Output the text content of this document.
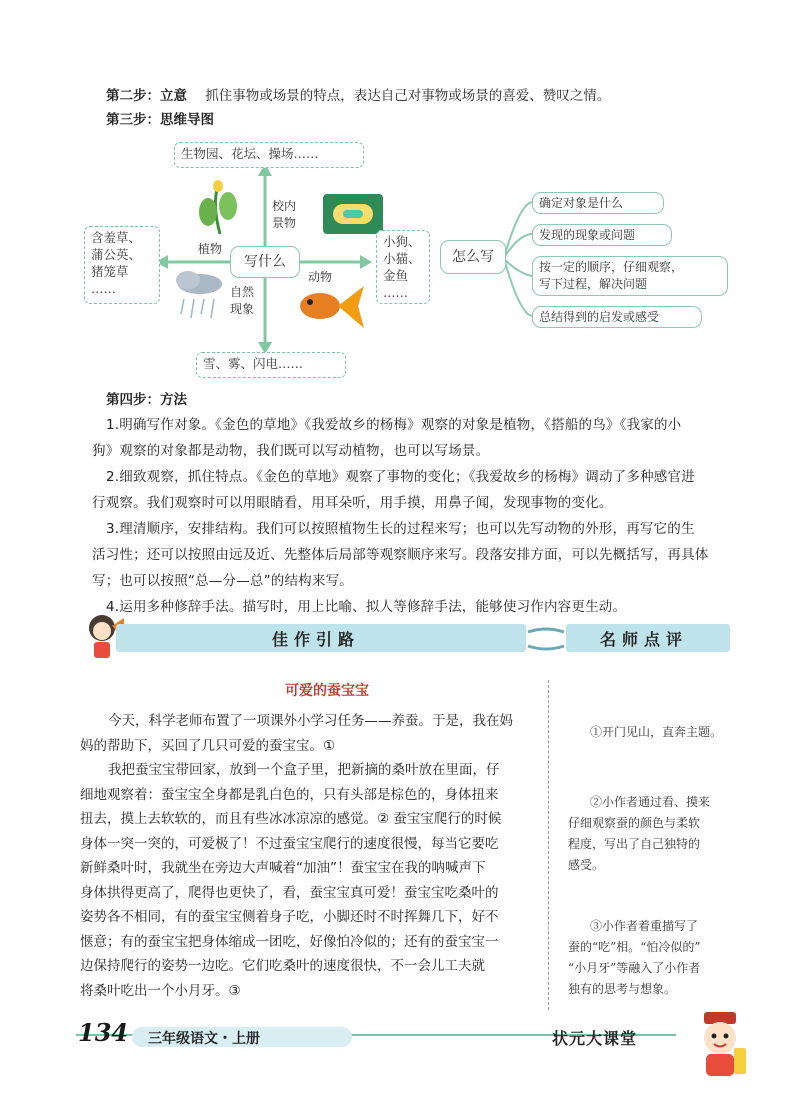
第二步：立意 抓住事物或场景的特点，表达自己对事物或场景的喜爱、赞叹之情。
第三步：思维导图
生物园、花坛、操场……
含羞草、
蒲公英、
猪笼草
……
小狗、
小猫、
金鱼
……
雪、雾、闪电……
写什么
校内
景物
植物
动物
自然
现象
怎么写
确定对象是什么
发现的现象或问题
按一定的顺序，仔细观察，
写下过程，解决问题
总结得到的启发或感受
第四步：方法
1.明确写作对象。《金色的草地》《我爱故乡的杨梅》观察的对象是植物，《搭船的鸟》《我家的小
狗》观察的对象都是动物，我们既可以写动植物，也可以写场景。
2.细致观察，抓住特点。《金色的草地》观察了事物的变化；《我爱故乡的杨梅》调动了多种感官进
行观察。我们观察时可以用眼睛看，用耳朵听，用手摸，用鼻子闻，发现事物的变化。
3.理清顺序，安排结构。我们可以按照植物生长的过程来写；也可以先写动物的外形，再写它的生
活习性；还可以按照由远及近、先整体后局部等观察顺序来写。段落安排方面，可以先概括写，再具体
写；也可以按照“总—分—总”的结构来写。
4.运用多种修辞手法。描写时，用上比喻、拟人等修辞手法，能够使习作内容更生动。
佳作引路	名师点评
可爱的蚕宝宝
今天，科学老师布置了一项课外小学习任务——养蚕。于是，我在妈
妈的帮助下，买回了几只可爱的蚕宝宝。①
我把蚕宝宝带回家，放到一个盒子里，把新摘的桑叶放在里面，仔
细地观察着：蚕宝宝全身都是乳白色的，只有头部是棕色的，身体扭来
扭去，摸上去软软的，而且有些冰冰凉凉的感觉。② 蚕宝宝爬行的时候
身体一突一突的，可爱极了！不过蚕宝宝爬行的速度很慢，每当它要吃
新鲜桑叶时，我就坐在旁边大声喊着“加油”！蚕宝宝在我的呐喊声下
身体拱得更高了，爬得也更快了，看，蚕宝宝真可爱！蚕宝宝吃桑叶的
姿势各不相同，有的蚕宝宝侧着身子吃，小脚还时不时挥舞几下，好不
惬意；有的蚕宝宝把身体缩成一团吃，好像怕冷似的；还有的蚕宝宝一
边保持爬行的姿势一边吃。它们吃桑叶的速度很快，不一会儿工夫就
将桑叶吃出一个小月牙。③
①开门见山，直奔主题。
②小作者通过看、摸来
仔细观察蚕的颜色与柔软
程度，写出了自己独特的
感受。
③小作者着重描写了
蚕的“吃”相。“怕冷似的”
“小月牙”等融入了小作者
独有的思考与想象。
134 三年级语文・上册	状元大课堂
